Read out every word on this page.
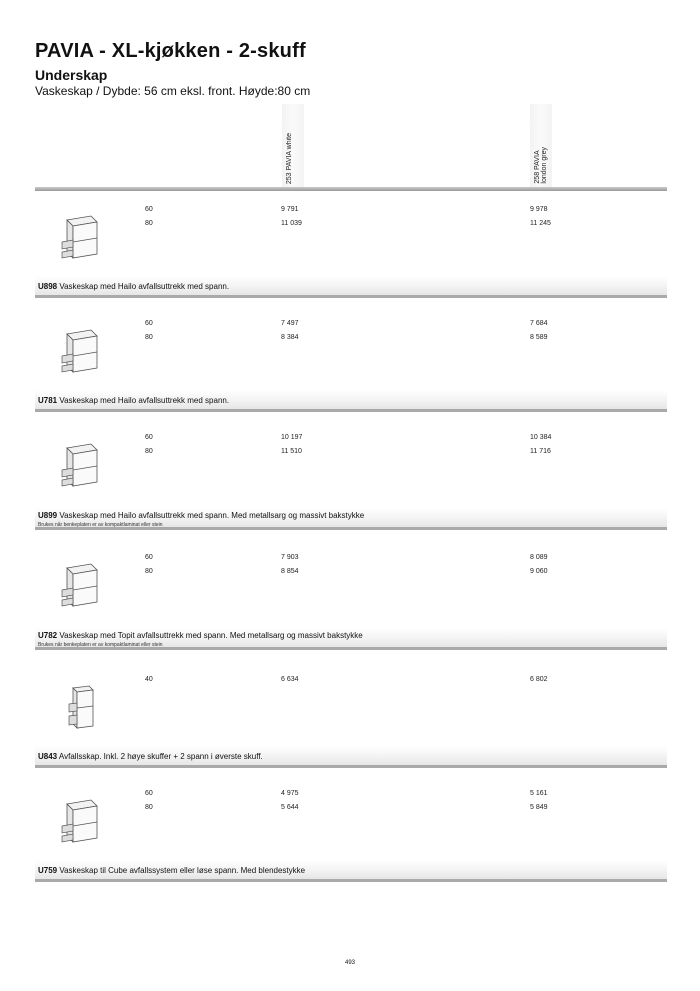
PAVIA - XL-kjøkken - 2-skuff
Underskap
Vaskeskap / Dybde: 56 cm eksl. front. Høyde:80 cm
253 PAVIA white	258 PAVIA
london grey
60	9 791	9 978
80	11 039	11 245
U898 Vaskeskap med Hailo avfallsuttrekk med spann.
60	7 497	7 684
80	8 384	8 589
U781 Vaskeskap med Hailo avfallsuttrekk med spann.
60	10 197	10 384
80	11 510	11 716
U899 Vaskeskap med Hailo avfallsuttrekk med spann. Med metallsarg og massivt bakstykke
Brukes når benkeplaten er av kompaktlaminat eller stein
60	7 903	8 089
80	8 854	9 060
U782 Vaskeskap med Topit avfallsuttrekk med spann. Med metallsarg og massivt bakstykke
Brukes når benkeplaten er av kompaktlaminat eller stein
40	6 634	6 802
U843 Avfallsskap. Inkl. 2 høye skuffer + 2 spann i øverste skuff.
60	4 975	5 161
80	5 644	5 849
U759 Vaskeskap til Cube avfallssystem eller løse spann. Med blendestykke
493
